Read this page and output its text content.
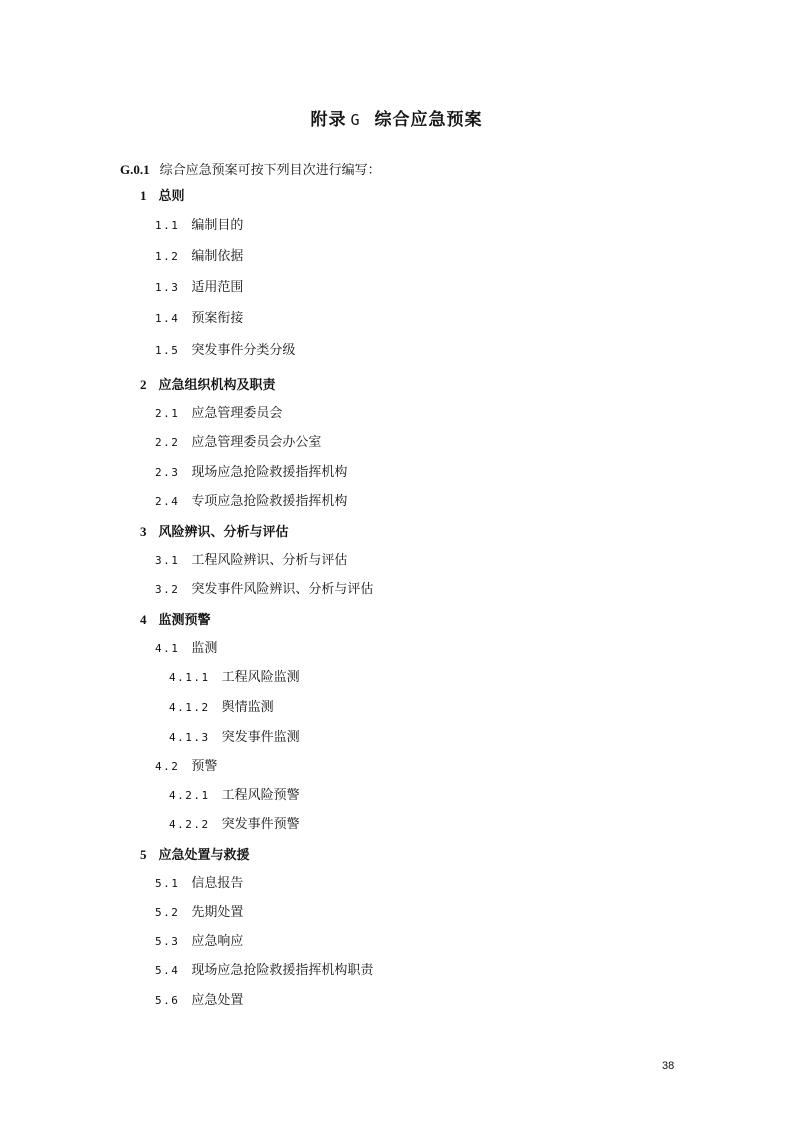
附录 G 综合应急预案
G.0.1 综合应急预案可按下列目次进行编写：
1 总则
1.1 编制目的
1.2 编制依据
1.3 适用范围
1.4 预案衔接
1.5 突发事件分类分级
2 应急组织机构及职责
2.1 应急管理委员会
2.2 应急管理委员会办公室
2.3 现场应急抢险救援指挥机构
2.4 专项应急抢险救援指挥机构
3 风险辨识、分析与评估
3.1 工程风险辨识、分析与评估
3.2 突发事件风险辨识、分析与评估
4 监测预警
4.1 监测
4.1.1 工程风险监测
4.1.2 舆情监测
4.1.3 突发事件监测
4.2 预警
4.2.1 工程风险预警
4.2.2 突发事件预警
5 应急处置与救援
5.1 信息报告
5.2 先期处置
5.3 应急响应
5.4 现场应急抢险救援指挥机构职责
5.6 应急处置
38
